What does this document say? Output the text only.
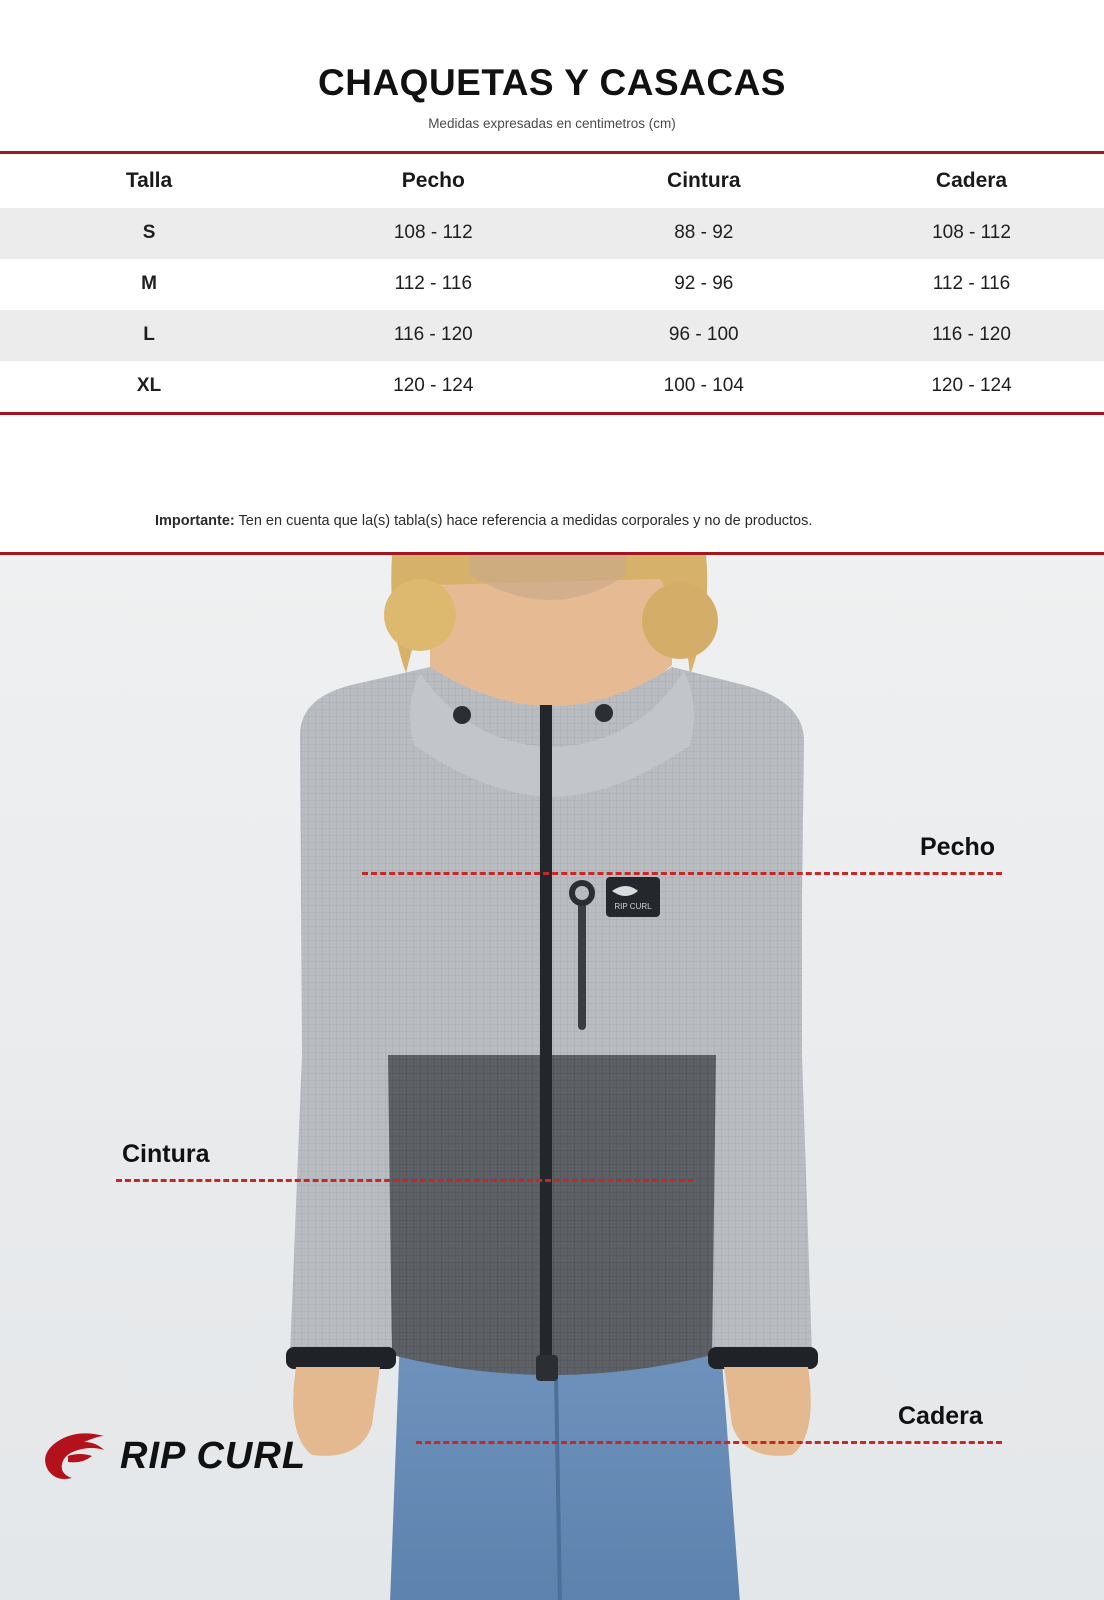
CHAQUETAS Y CASACAS
Medidas expresadas en centimetros (cm)
Talla	Pecho	Cintura	Cadera
S	108 - 112	88 - 92	108 - 112
M	112 - 116	92 - 96	112 - 116
L	116 - 120	96 - 100	116 - 120
XL	120 - 124	100 - 104	120 - 124
Importante: Ten en cuenta que la(s) tabla(s) hace referencia a medidas corporales y no de productos.
RIP CURL
Pecho
Cintura
Cadera
RIP CURL
